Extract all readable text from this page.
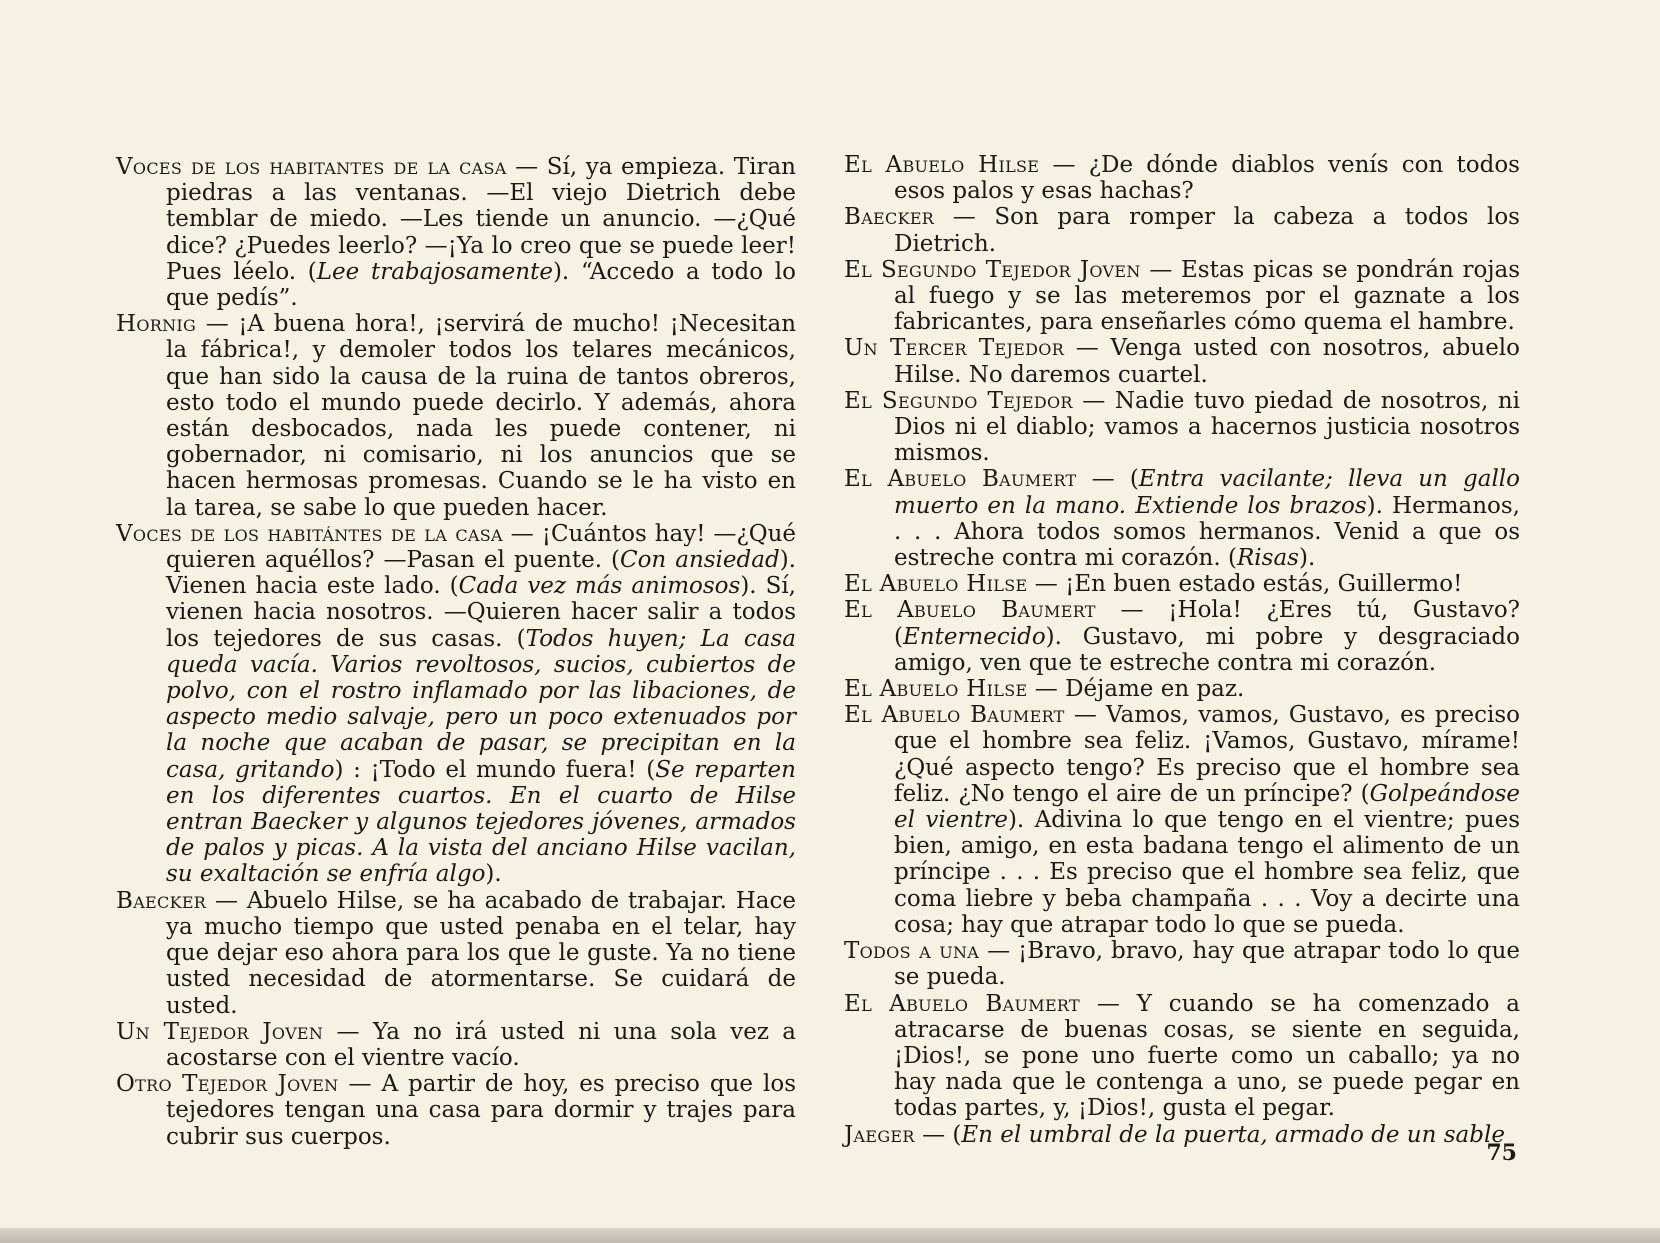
Voces de los habitantes de la casa — Sí, ya empieza. Tiran piedras a las ventanas. —El viejo Dietrich debe temblar de miedo. —Les tiende un anuncio. —¿Qué dice? ¿Puedes leerlo? —¡Ya lo creo que se puede leer! Pues léelo. (Lee trabajosamente). “Accedo a todo lo que pedís”.

Hornig — ¡A buena hora!, ¡servirá de mucho! ¡Necesitan la fábrica!, y demoler todos los telares mecánicos, que han sido la causa de la ruina de tantos obreros, esto todo el mundo puede decirlo. Y además, ahora están desbocados, nada les puede contener, ni gobernador, ni comisario, ni los anuncios que se hacen hermosas promesas. Cuando se le ha visto en la tarea, se sabe lo que pueden hacer.

Voces de los habitántes de la casa — ¡Cuántos hay! —¿Qué quieren aquéllos? —Pasan el puente. (Con ansiedad). Vienen hacia este lado. (Cada vez más animosos). Sí, vienen hacia nosotros. —Quieren hacer salir a todos los tejedores de sus casas. (Todos huyen; La casa queda vacía. Varios revoltosos, sucios, cubiertos de polvo, con el rostro inflamado por las libaciones, de aspecto medio salvaje, pero un poco extenuados por la noche que acaban de pasar, se precipitan en la casa, gritando) : ¡Todo el mundo fuera! (Se reparten en los diferentes cuartos. En el cuarto de Hilse entran Baecker y algunos tejedores jóvenes, armados de palos y picas. A la vista del anciano Hilse vacilan, su exaltación se enfría algo).

Baecker — Abuelo Hilse, se ha acabado de trabajar. Hace ya mucho tiempo que usted penaba en el telar, hay que dejar eso ahora para los que le guste. Ya no tiene usted necesidad de atormentarse. Se cuidará de usted.

Un Tejedor Joven — Ya no irá usted ni una sola vez a acostarse con el vientre vacío.

Otro Tejedor Joven — A partir de hoy, es preciso que los tejedores tengan una casa para dormir y trajes para cubrir sus cuerpos.

El Abuelo Hilse — ¿De dónde diablos venís con todos esos palos y esas hachas?

Baecker — Son para romper la cabeza a todos los Dietrich.

El Segundo Tejedor Joven — Estas picas se pondrán rojas al fuego y se las meteremos por el gaznate a los fabricantes, para enseñarles cómo quema el hambre.

Un Tercer Tejedor — Venga usted con nosotros, abuelo Hilse. No daremos cuartel.

El Segundo Tejedor — Nadie tuvo piedad de nosotros, ni Dios ni el diablo; vamos a hacernos justicia nosotros mismos.

El Abuelo Baumert — (Entra vacilante; lleva un gallo muerto en la mano. Extiende los brazos). Hermanos, . . . Ahora todos somos hermanos. Venid a que os estreche contra mi corazón. (Risas).

El Abuelo Hilse — ¡En buen estado estás, Guillermo!

El Abuelo Baumert — ¡Hola! ¿Eres tú, Gustavo? (Enternecido). Gustavo, mi pobre y desgraciado amigo, ven que te estreche contra mi corazón.

El Abuelo Hilse — Déjame en paz.

El Abuelo Baumert — Vamos, vamos, Gustavo, es preciso que el hombre sea feliz. ¡Vamos, Gustavo, mírame! ¿Qué aspecto tengo? Es preciso que el hombre sea feliz. ¿No tengo el aire de un príncipe? (Golpeándose el vientre). Adivina lo que tengo en el vientre; pues bien, amigo, en esta badana tengo el alimento de un príncipe . . . Es preciso que el hombre sea feliz, que coma liebre y beba champaña . . . Voy a decirte una cosa; hay que atrapar todo lo que se pueda.

Todos a una — ¡Bravo, bravo, hay que atrapar todo lo que se pueda.

El Abuelo Baumert — Y cuando se ha comenzado a atracarse de buenas cosas, se siente en seguida, ¡Dios!, se pone uno fuerte como un caballo; ya no hay nada que le contenga a uno, se puede pegar en todas partes, y, ¡Dios!, gusta el pegar.

Jaeger — (En el umbral de la puerta, armado de un sable

75
